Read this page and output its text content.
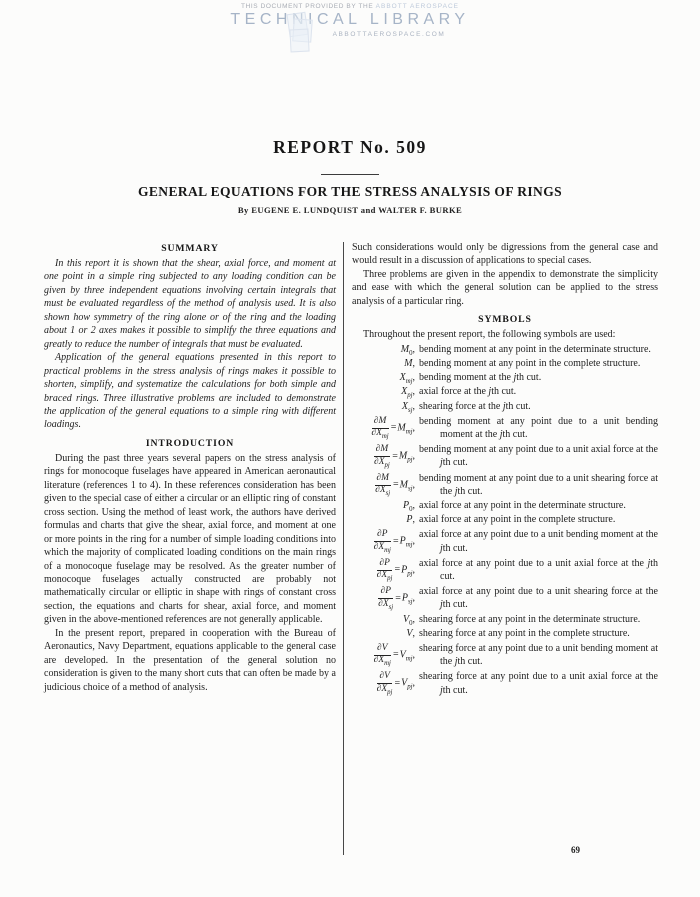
THIS DOCUMENT PROVIDED BY THE ABBOTT AEROSPACE
TECHNICAL LIBRARY
ABBOTTAEROSPACE.COM
REPORT No. 509
GENERAL EQUATIONS FOR THE STRESS ANALYSIS OF RINGS
By EUGENE E. LUNDQUIST and WALTER F. BURKE
SUMMARY

In this report it is shown that the shear, axial force, and moment at one point in a simple ring subjected to any loading condition can be given by three independent equations involving certain integrals that must be evaluated regardless of the method of analysis used. It is also shown how symmetry of the ring alone or of the ring and the loading about 1 or 2 axes makes it possible to simplify the three equations and greatly to reduce the number of integrals that must be evaluated.

Application of the general equations presented in this report to practical problems in the stress analysis of rings makes it possible to shorten, simplify, and systematize the calculations for both simple and braced rings. Three illustrative problems are included to demonstrate the application of the general equations to a simple ring with different loadings.

INTRODUCTION

During the past three years several papers on the stress analysis of rings for monocoque fuselages have appeared in American aeronautical literature (references 1 to 4). In these references consideration has been given to the special case of either a circular or an elliptic ring of constant cross section. Using the method of least work, the authors have derived formulas and charts that give the shear, axial force, and moment at one or more points in the ring for a number of simple loading conditions into which the majority of complicated loading conditions on the main rings of a monocoque fuselage may be resolved. As the greater number of monocoque fuselages actually constructed are probably not mathematically circular or elliptic in shape with rings of constant cross section, the equations and charts for shear, axial force, and moment given in the above-mentioned references are not generally applicable.

In the present report, prepared in cooperation with the Bureau of Aeronautics, Navy Department, equations applicable to the general case are developed. In the presentation of the general solution no consideration is given to the many short cuts that can often be made by a judicious choice of a method of analysis.

Such considerations would only be digressions from the general case and would result in a discussion of applications to special cases.

Three problems are given in the appendix to demonstrate the simplicity and ease with which the general solution can be applied to the stress analysis of a particular ring.

SYMBOLS

Throughout the present report, the following symbols are used:

$M_0$, bending moment at any point in the determinate structure.
M, bending moment at any point in the complete structure.
$X_{mj}$, bending moment at the jth cut.
$X_{pj}$, axial force at the jth cut.
$X_{sj}$, shearing force at the jth cut.
$\frac{\partial M}{\partial X_{mj}} =M_{mj}$,
bending moment at any point due to a unit bending moment at the jth cut.
$\frac{\partial M}{\partial X_{pj}} =M_{pj}$,
bending moment at any point due to a unit axial force at the jth cut.
$\frac{\partial M}{\partial X_{sj}} =M_{sj}$,
bending moment at any point due to a unit shearing force at the jth cut.
$P_0$, axial force at any point in the determinate structure.
P, axial force at any point in the complete structure.
$\frac{\partial P}{\partial X_{mj}} =P_{mj}$,
axial force at any point due to a unit bending moment at the jth cut.
$\frac{\partial P}{\partial X_{pj}} =P_{pj}$,
axial force at any point due to a unit axial force at the jth cut.
$\frac{\partial P}{\partial X_{sj}} =P_{sj}$,
axial force at any point due to a unit shearing force at the jth cut.
$V_0$, shearing force at any point in the determinate structure.
V, shearing force at any point in the complete structure.
$\frac{\partial V}{\partial X_{mj}} =V_{mj}$,
shearing force at any point due to a unit bending moment at the jth cut.
$\frac{\partial V}{\partial X_{pj}} =V_{pj}$,
shearing force at any point due to a unit axial force at the jth cut.
69
